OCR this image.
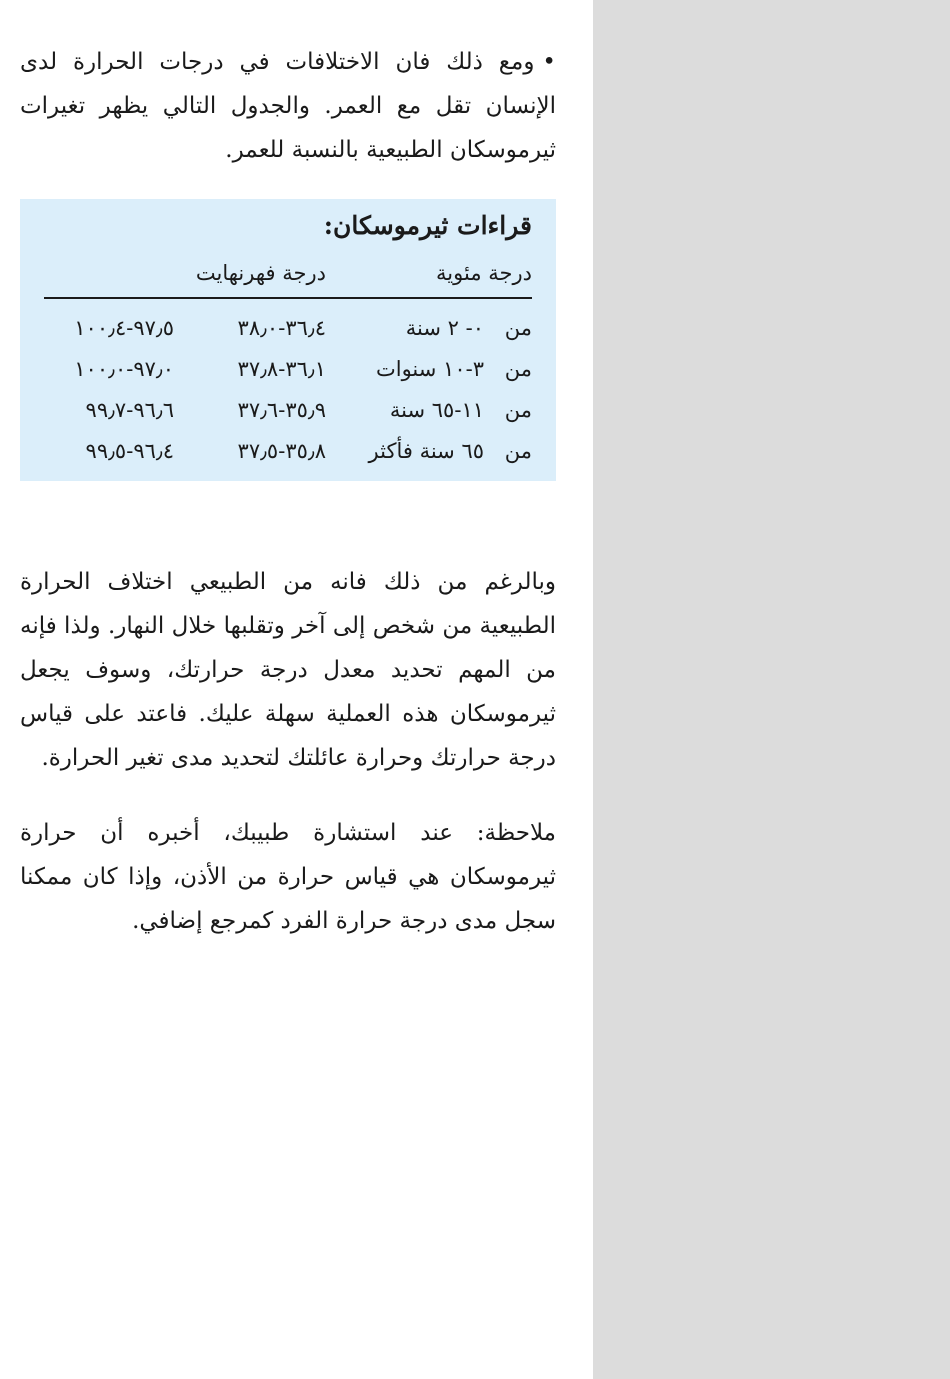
•ومع ذلك فان الاختلافات في درجات الحرارة لدى الإنسان تقل مع العمر. والجدول التالي يظهر تغيرات ثيرموسكان الطبيعية بالنسبة للعمر.

قراءات ثيرموسكان:
درجة مئوية
درجة فهرنهايت
من
٠- ٢ سنة
٣٦٫٤-٣٨٫٠
٩٧٫٥-١٠٠٫٤
من
٣-١٠ سنوات
٣٦٫١-٣٧٫٨
٩٧٫٠-١٠٠٫٠
من
١١-٦٥ سنة
٣٥٫٩-٣٧٫٦
٩٦٫٦-٩٩٫٧
من
٦٥ سنة فأكثر
٣٥٫٨-٣٧٫٥
٩٦٫٤-٩٩٫٥

وبالرغم من ذلك فانه من الطبيعي اختلاف الحرارة الطبيعية من شخص إلى آخر وتقلبها خلال النهار. ولذا فإنه من المهم تحديد معدل درجة حرارتك، وسوف يجعل ثيرموسكان هذه العملية سهلة عليك. فاعتد على قياس درجة حرارتك وحرارة عائلتك لتحديد مدى تغير الحرارة.

ملاحظة: عند استشارة طبيبك، أخبره أن حرارة ثيرموسكان هي قياس حرارة من الأذن، وإذا كان ممكنا سجل مدى درجة حرارة الفرد كمرجع إضافي.
